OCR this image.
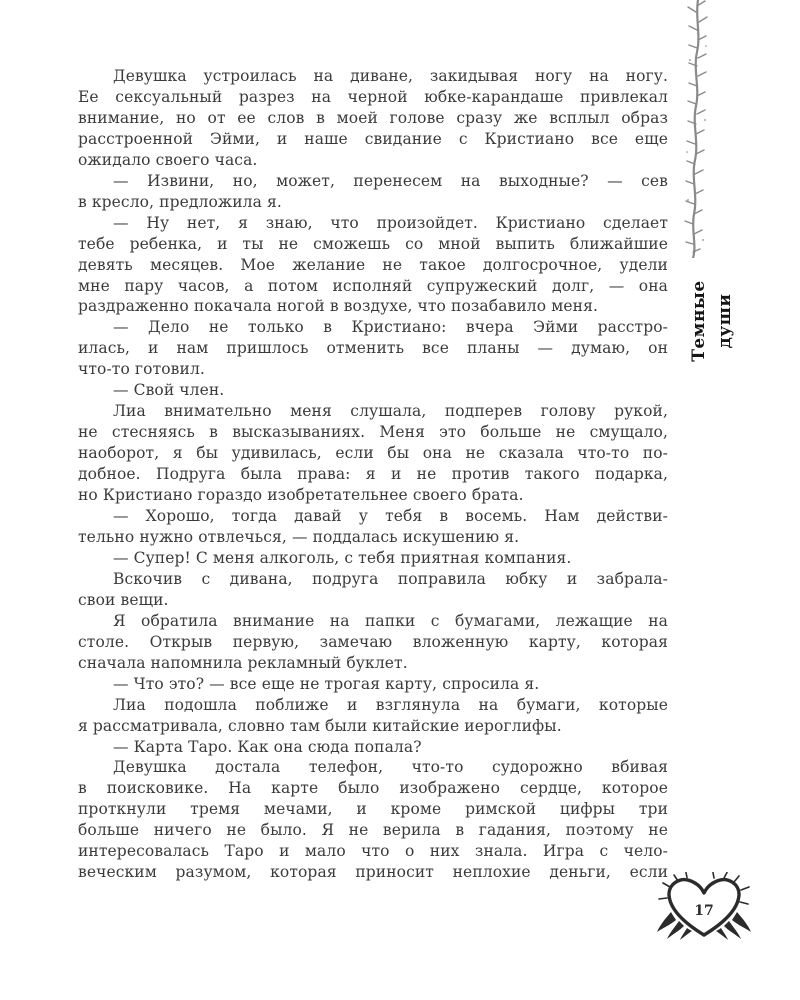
Девушка устроилась на диване, закидывая ногу на ногу.
Ее сексуальный разрез на черной юбке-карандаше привлекал
внимание, но от ее слов в моей голове сразу же всплыл образ
расстроенной Эйми, и наше свидание с Кристиано все еще
ожидало своего часа.
— Извини, но, может, перенесем на выходные? — сев
в кресло, предложила я.
— Ну нет, я знаю, что произойдет. Кристиано сделает
тебе ребенка, и ты не сможешь со мной выпить ближайшие
девять месяцев. Мое желание не такое долгосрочное, удели
мне пару часов, а потом исполняй супружеский долг, — она
раздраженно покачала ногой в воздухе, что позабавило меня.
— Дело не только в Кристиано: вчера Эйми расстро-
илась, и нам пришлось отменить все планы — думаю, он
что-то готовил.
— Свой член.
Лиа внимательно меня слушала, подперев голову рукой,
не стесняясь в высказываниях. Меня это больше не смущало,
наоборот, я бы удивилась, если бы она не сказала что-то по-
добное. Подруга была права: я и не против такого подарка,
но Кристиано гораздо изобретательнее своего брата.
— Хорошо, тогда давай у тебя в восемь. Нам действи-
тельно нужно отвлечься, — поддалась искушению я.
— Супер! С меня алкоголь, с тебя приятная компания.
Вскочив с дивана, подруга поправила юбку и забрала-
свои вещи.
Я обратила внимание на папки с бумагами, лежащие на
столе. Открыв первую, замечаю вложенную карту, которая
сначала напомнила рекламный буклет.
— Что это? — все еще не трогая карту, спросила я.
Лиа подошла поближе и взглянула на бумаги, которые
я рассматривала, словно там были китайские иероглифы.
— Карта Таро. Как она сюда попала?
Девушка достала телефон, что-то судорожно вбивая
в поисковике. На карте было изображено сердце, которое
проткнули тремя мечами, и кроме римской цифры три
больше ничего не было. Я не верила в гадания, поэтому не
интересовалась Таро и мало что о них знала. Игра с чело-
веческим разумом, которая приносит неплохие деньги, если
Темные души
17
